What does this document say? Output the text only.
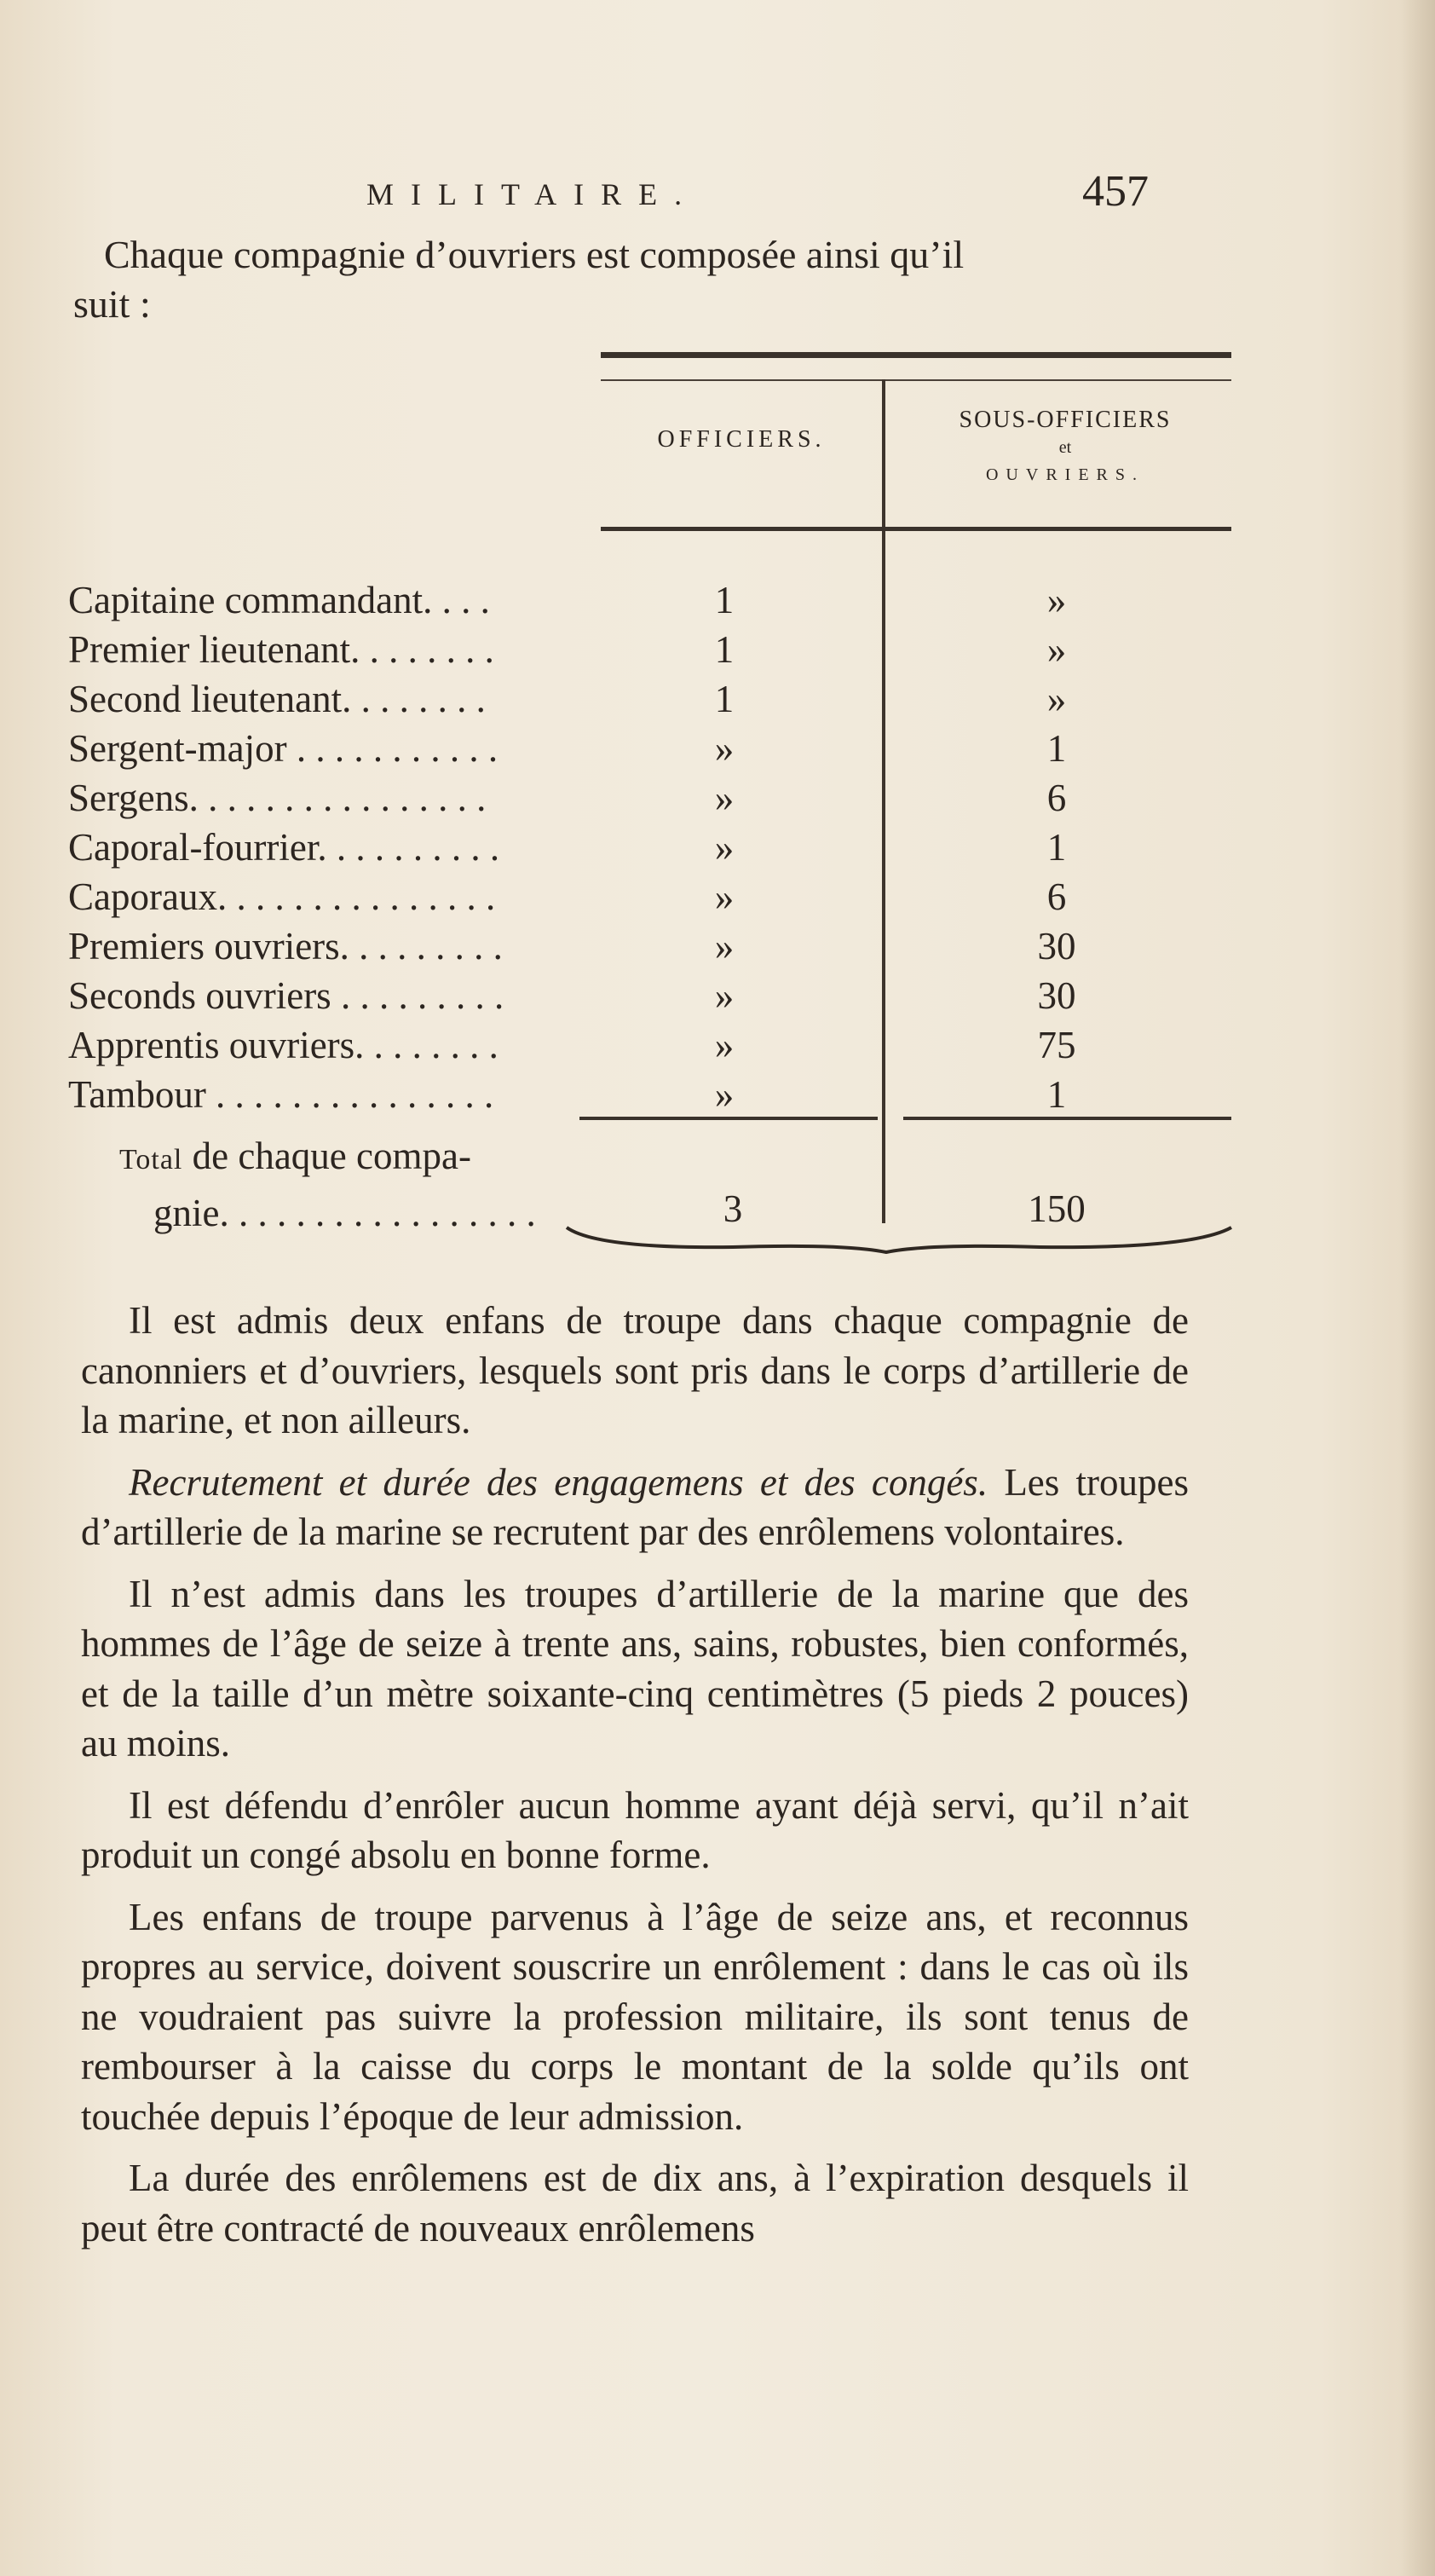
MILITAIRE.	457
Chaque compagnie d’ouvriers est composée ainsi qu’il
suit :
OFFICIERS.
SOUS-OFFICIERS
et
OUVRIERS.
Capitaine commandant. . . .	1	»
Premier lieutenant. . . . . . . .	1	»
Second lieutenant. . . . . . . .	1	»
Sergent-major . . . . . . . . . . .	»	1
Sergens. . . . . . . . . . . . . . . .	»	6
Caporal-fourrier. . . . . . . . . .	»	1
Caporaux. . . . . . . . . . . . . . .	»	6
Premiers ouvriers. . . . . . . . .	»	30
Seconds ouvriers . . . . . . . . .	»	30
Apprentis ouvriers. . . . . . . .	»	75
Tambour . . . . . . . . . . . . . . .	»	1
Total de chaque compa-
gnie. . . . . . . . . . . . . . . . .	3	150

Il est admis deux enfans de troupe dans chaque compagnie de canonniers et d’ouvriers, lesquels sont pris dans le corps d’artillerie de la marine, et non ailleurs.

Recrutement et durée des engagemens et des congés. Les troupes d’artillerie de la marine se recrutent par des enrôlemens volontaires.

Il n’est admis dans les troupes d’artillerie de la marine que des hommes de l’âge de seize à trente ans, sains, robustes, bien conformés, et de la taille d’un mètre soixante-cinq centimètres (5 pieds 2 pouces) au moins.

Il est défendu d’enrôler aucun homme ayant déjà servi, qu’il n’ait produit un congé absolu en bonne forme.

Les enfans de troupe parvenus à l’âge de seize ans, et reconnus propres au service, doivent souscrire un enrôlement : dans le cas où ils ne voudraient pas suivre la profession militaire, ils sont tenus de rembourser à la caisse du corps le montant de la solde qu’ils ont touchée depuis l’époque de leur admission.

La durée des enrôlemens est de dix ans, à l’expiration desquels il peut être contracté de nouveaux enrôlemens
